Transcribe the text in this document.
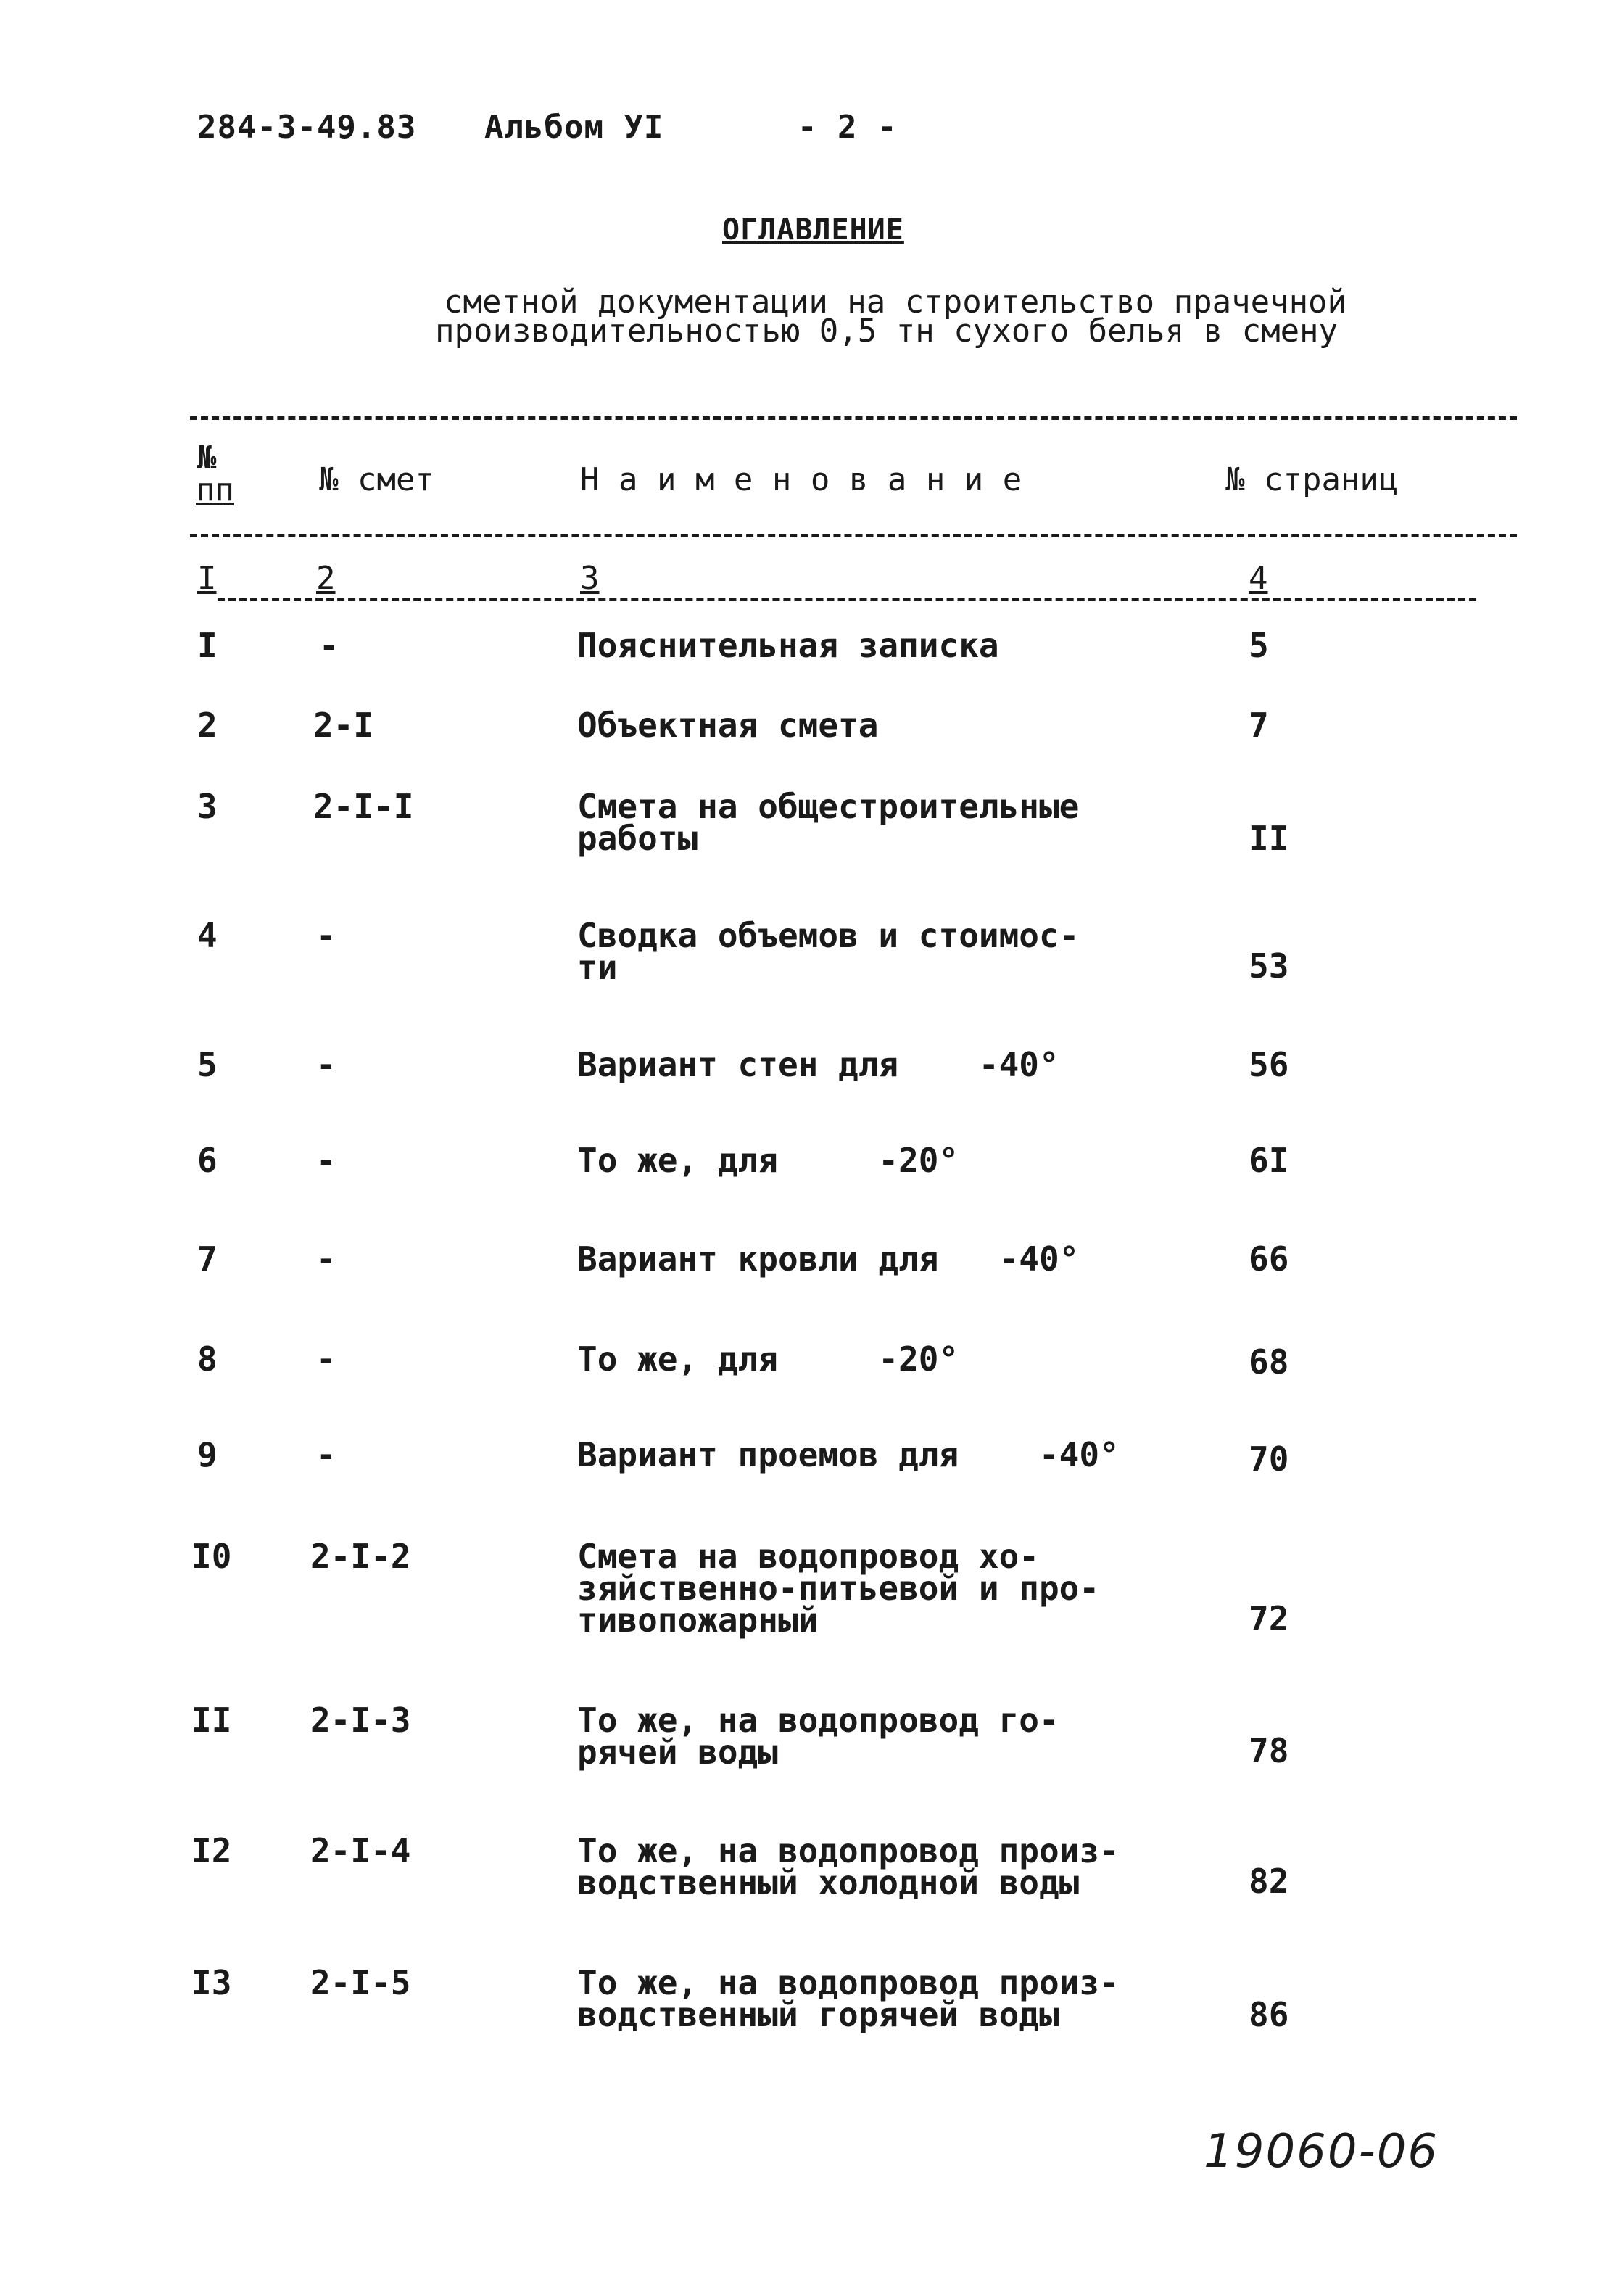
284-3-49.83 Альбом УI	- 2 -
ОГЛАВЛЕНИЕ
сметной документации на строительство прачечной
производительностью 0,5 тн сухого белья в смену
№
пп	№ смет	Н а и м е н о в а н и е	№ страниц
I	2	3	4
I	-	Пояснительная записка	5
2	2-I	Объектная смета	7
3	2-I-I	Смета на общестроительные работы	II
4	-	Сводка объемов и стоимос- ти	53
5	-	Вариант стен для    -40°	56
6	-	То же, для     -20°	6I
7	-	Вариант кровли для   -40°	66
8	-	То же, для     -20°	68
9	-	Вариант проемов для    -40°	70
I0 2-I-2	Смета на водопровод хо- зяйственно-питьевой и про- тивопожарный	72
II 2-I-3	То же, на водопровод го- рячей воды	78
I2 2-I-4	То же, на водопровод произ- водственный холодной воды	82
I3 2-I-5	То же, на водопровод произ- водственный горячей воды	86
19060-06
